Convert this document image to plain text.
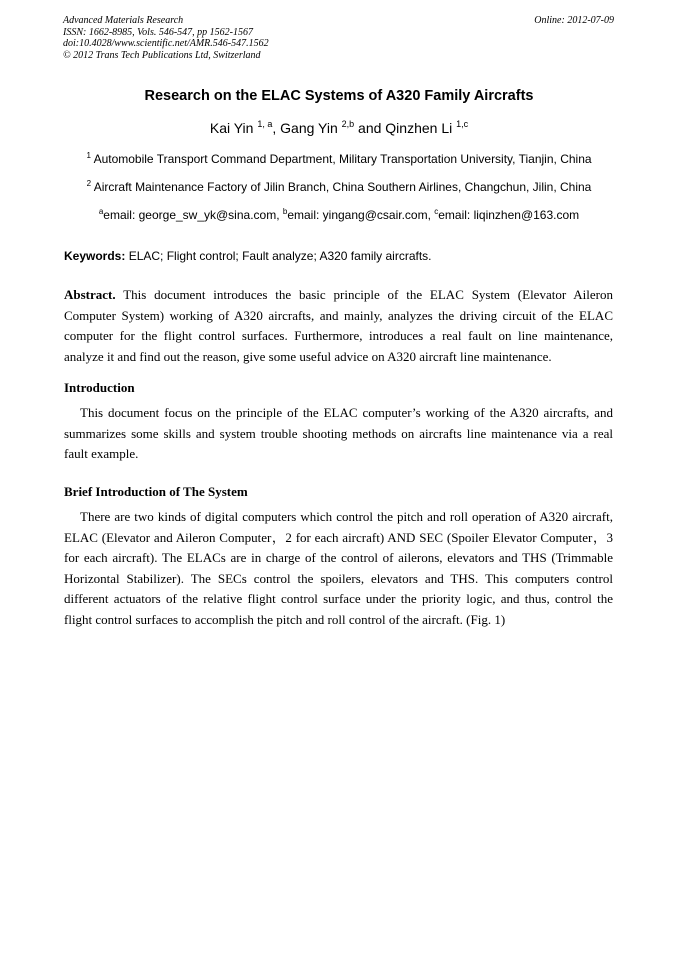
Advanced Materials Research
ISSN: 1662-8985, Vols. 546-547, pp 1562-1567
doi:10.4028/www.scientific.net/AMR.546-547.1562
© 2012 Trans Tech Publications Ltd, Switzerland
Online: 2012-07-09
Research on the ELAC Systems of A320 Family Aircrafts
Kai Yin $^{1, a}$, Gang Yin $^{2,b}$ and Qinzhen Li $^{1,c}$
$^1$ Automobile Transport Command Department, Military Transportation University, Tianjin, China
$^2$ Aircraft Maintenance Factory of Jilin Branch, China Southern Airlines, Changchun, Jilin, China
$^a$email: george_sw_yk@sina.com, $^b$email: yingang@csair.com, $^c$email: liqinzhen@163.com
Keywords: ELAC; Flight control; Fault analyze; A320 family aircrafts.
Abstract. This document introduces the basic principle of the ELAC System (Elevator Aileron Computer System) working of A320 aircrafts, and mainly, analyzes the driving circuit of the ELAC computer for the flight control surfaces. Furthermore, introduces a real fault on line maintenance, analyze it and find out the reason, give some useful advice on A320 aircraft line maintenance.
Introduction
This document focus on the principle of the ELAC computer’s working of the A320 aircrafts, and summarizes some skills and system trouble shooting methods on aircrafts line maintenance via a real fault example.
Brief Introduction of The System
There are two kinds of digital computers which control the pitch and roll operation of A320 aircraft, ELAC (Elevator and Aileron Computer，2 for each aircraft) AND SEC (Spoiler Elevator Computer，3 for each aircraft). The ELACs are in charge of the control of ailerons, elevators and THS (Trimmable Horizontal Stabilizer). The SECs control the spoilers, elevators and THS. This computers control different actuators of the relative flight control surface under the priority logic, and thus, control the flight control surfaces to accomplish the pitch and roll control of the aircraft. (Fig. 1)
